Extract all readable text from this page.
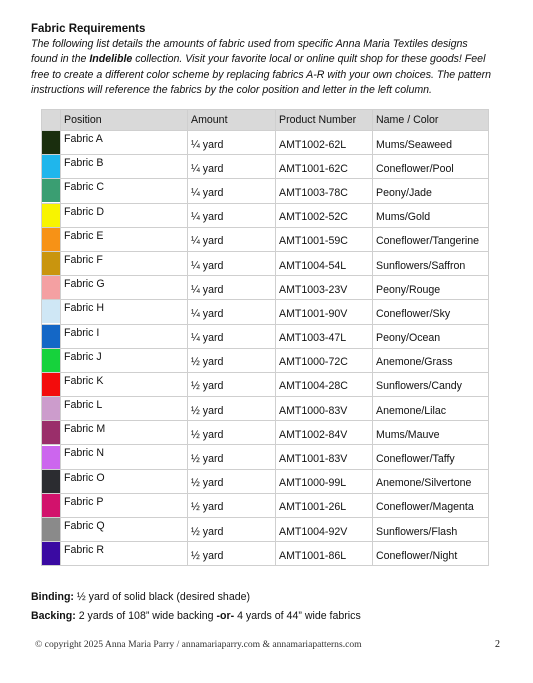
Fabric Requirements
The following list details the amounts of fabric used from specific Anna Maria Textiles designs
found in the Indelible collection. Visit your favorite local or online quilt shop for these goods! Feel
free to create a different color scheme by replacing fabrics A-R with your own choices. The pattern
instructions will reference the fabrics by the color position and letter in the left column.
	Position	Amount	Product Number	Name / Color

	Fabric A	¼ yard	AMT1002-62L	Mums/Seaweed

	Fabric B	¼ yard	AMT1001-62C	Coneflower/Pool

	Fabric C	¼ yard	AMT1003-78C	Peony/Jade

	Fabric D	¼ yard	AMT1002-52C	Mums/Gold

	Fabric E	¼ yard	AMT1001-59C	Coneflower/Tangerine

	Fabric F	¼ yard	AMT1004-54L	Sunflowers/Saffron

	Fabric G	¼ yard	AMT1003-23V	Peony/Rouge

	Fabric H	¼ yard	AMT1001-90V	Coneflower/Sky

	Fabric I	¼ yard	AMT1003-47L	Peony/Ocean

	Fabric J	½ yard	AMT1000-72C	Anemone/Grass

	Fabric K	½ yard	AMT1004-28C	Sunflowers/Candy

	Fabric L	½ yard	AMT1000-83V	Anemone/Lilac

	Fabric M	½ yard	AMT1002-84V	Mums/Mauve

	Fabric N	½ yard	AMT1001-83V	Coneflower/Taffy

	Fabric O	½ yard	AMT1000-99L	Anemone/Silvertone

	Fabric P	½ yard	AMT1001-26L	Coneflower/Magenta

	Fabric Q	½ yard	AMT1004-92V	Sunflowers/Flash

	Fabric R	½ yard	AMT1001-86L	Coneflower/Night
Binding: ½ yard of solid black (desired shade)
Backing: 2 yards of 108” wide backing -or- 4 yards of 44” wide fabrics
© copyright 2025 Anna Maria Parry / annamariaparry.com & annamariapatterns.com	2
